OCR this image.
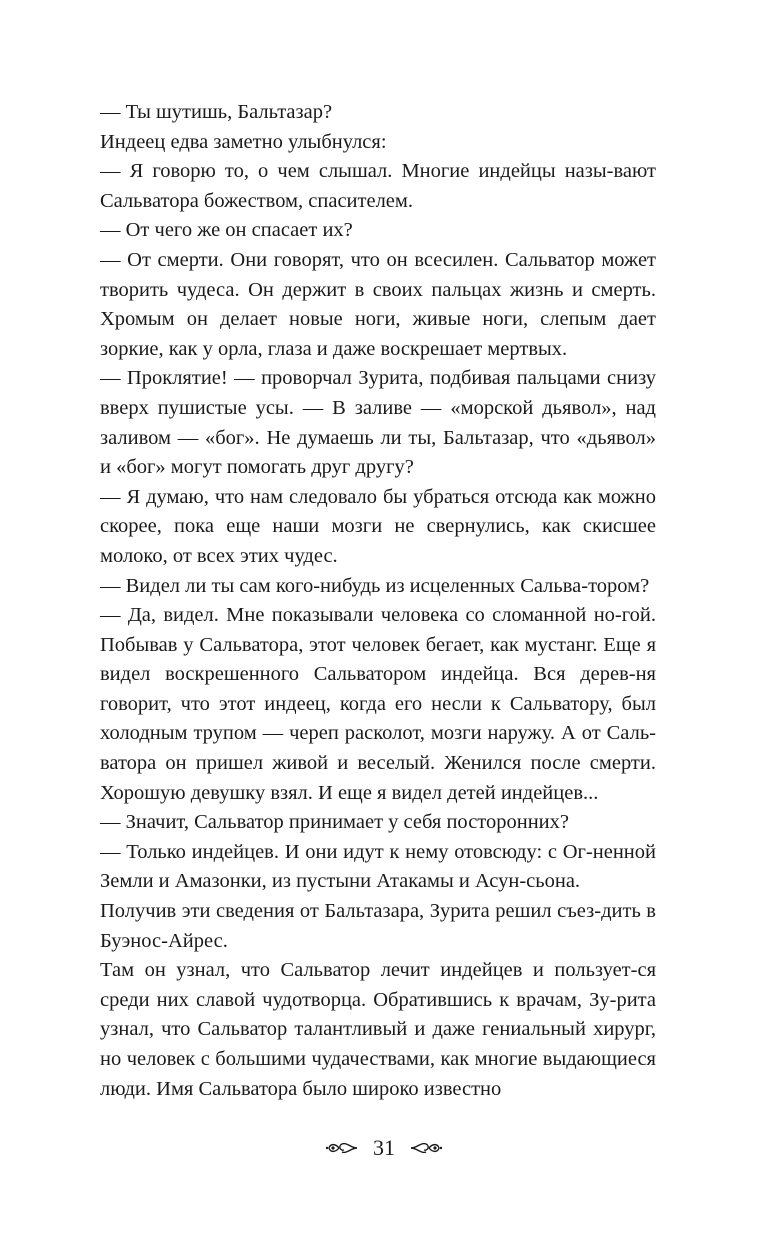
— Ты шутишь, Бальтазар?

Индеец едва заметно улыбнулся:

— Я говорю то, о чем слышал. Многие индейцы назы-вают Сальватора божеством, спасителем.

— От чего же он спасает их?

— От смерти. Они говорят, что он всесилен. Сальватор может творить чудеса. Он держит в своих пальцах жизнь и смерть. Хромым он делает новые ноги, живые ноги, слепым дает зоркие, как у орла, глаза и даже воскрешает мертвых.

— Проклятие! — проворчал Зурита, подбивая пальцами снизу вверх пушистые усы. — В заливе — «морской дьявол», над заливом — «бог». Не думаешь ли ты, Бальтазар, что «дьявол» и «бог» могут помогать друг другу?

— Я думаю, что нам следовало бы убраться отсюда как можно скорее, пока еще наши мозги не свернулись, как скисшее молоко, от всех этих чудес.

— Видел ли ты сам кого-нибудь из исцеленных Сальва-тором?

— Да, видел. Мне показывали человека со сломанной но-гой. Побывав у Сальватора, этот человек бегает, как мустанг. Еще я видел воскрешенного Сальватором индейца. Вся дерев-ня говорит, что этот индеец, когда его несли к Сальватору, был холодным трупом — череп расколот, мозги наружу. А от Саль-ватора он пришел живой и веселый. Женился после смерти. Хорошую девушку взял. И еще я видел детей индейцев...

— Значит, Сальватор принимает у себя посторонних?

— Только индейцев. И они идут к нему отовсюду: с Ог-ненной Земли и Амазонки, из пустыни Атакамы и Асун-сьона.

Получив эти сведения от Бальтазара, Зурита решил съез-дить в Буэнос-Айрес.

Там он узнал, что Сальватор лечит индейцев и пользует-ся среди них славой чудотворца. Обратившись к врачам, Зу-рита узнал, что Сальватор талантливый и даже гениальный хирург, но человек с большими чудачествами, как многие выдающиеся люди. Имя Сальватора было широко известно

31
